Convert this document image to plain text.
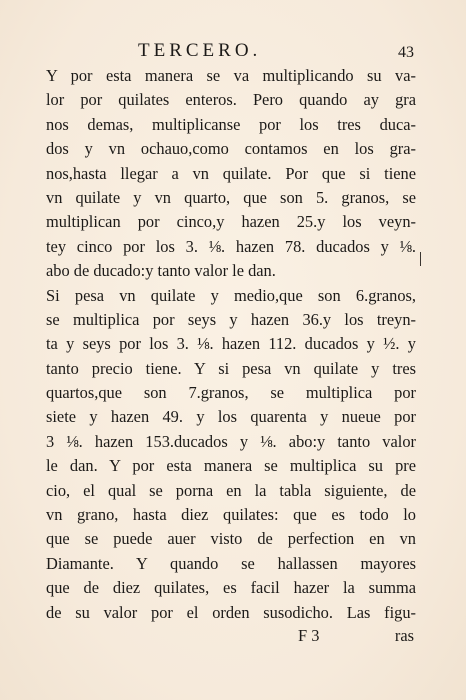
TERCERO.	43
Y por esta manera se va multiplicando su va-
lor por quilates enteros. Pero quando ay gra
nos demas, multiplicanse por los tres duca-
dos y vn ochauo,como contamos en los gra-
nos,hasta llegar a vn quilate. Por que si tiene
vn quilate y vn quarto, que son 5. granos, se
multiplican por cinco,y hazen 25.y los veyn-
tey cinco por los 3. ⅛. hazen 78. ducados y ⅛.
abo de ducado:y tanto valor le dan.
Si pesa vn quilate y medio,que son 6.granos,
se multiplica por seys y hazen 36.y los treyn-
ta y seys por los 3. ⅛. hazen 112. ducados y ½. y
tanto precio tiene. Y si pesa vn quilate y tres
quartos,que son 7.granos, se multiplica por
siete y hazen 49. y los quarenta y nueue por
3 ⅛. hazen 153.ducados y ⅛. abo:y tanto valor
le dan. Y por esta manera se multiplica su pre
cio, el qual se porna en la tabla siguiente, de
vn grano, hasta diez quilates: que es todo lo
que se puede auer visto de perfection en vn
Diamante. Y quando se hallassen mayores
que de diez quilates, es facil hazer la summa
de su valor por el orden susodicho. Las figu-
F 3	ras
